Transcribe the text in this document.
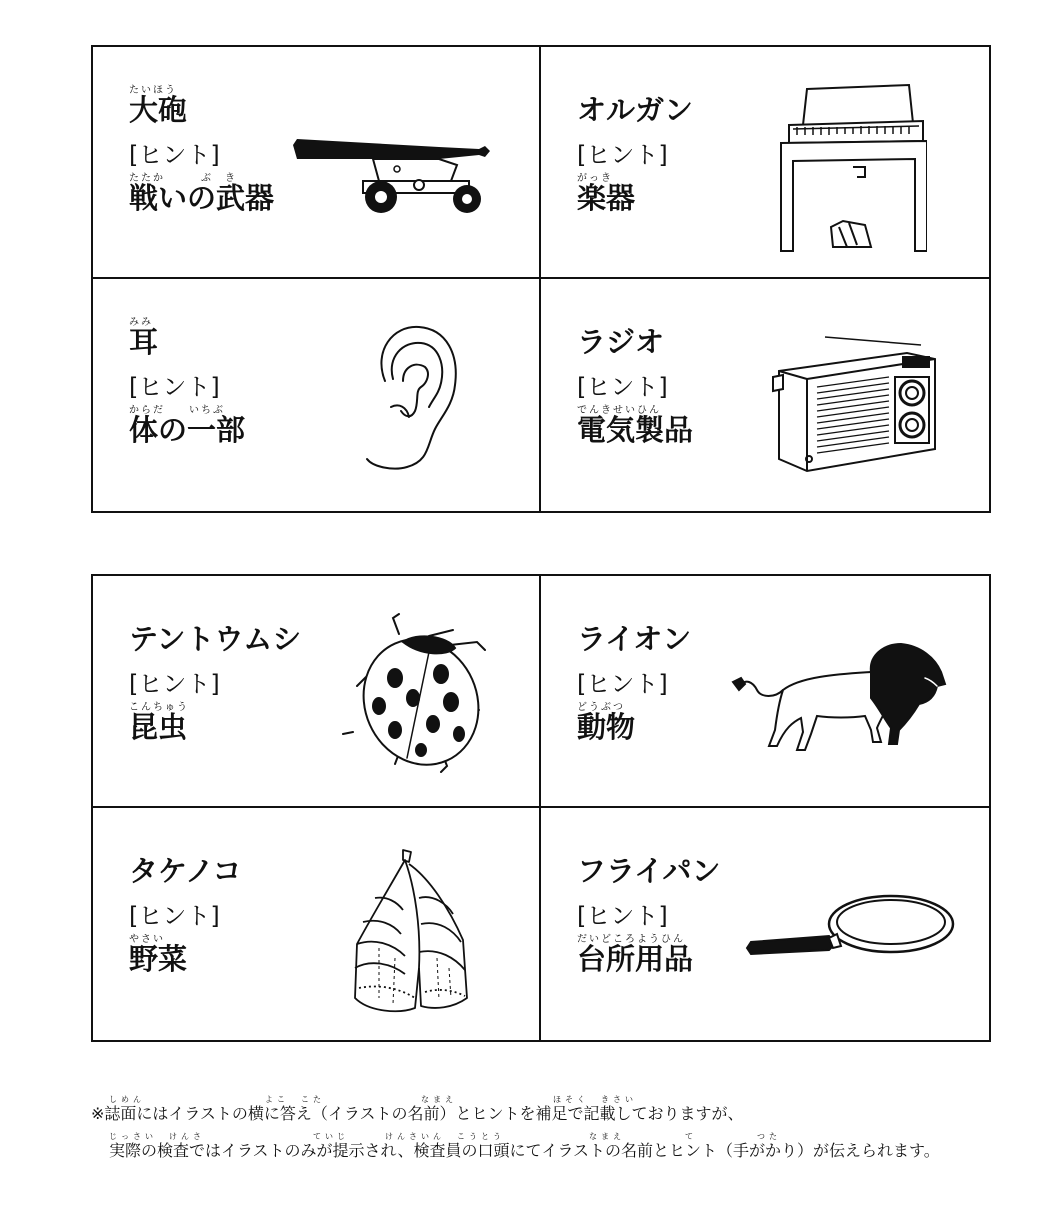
たいほう
大砲
[ヒント]
たたか　　　ぶ　き
戦いの武器
オルガン
[ヒント]
がっき
楽器
みみ
耳
[ヒント]
からだ　　いちぶ
体の一部
ラジオ
[ヒント]
でんきせいひん
電気製品
テントウムシ
[ヒント]
こんちゅう
昆虫
ライオン
[ヒント]
どうぶつ
動物
タケノコ
[ヒント]
やさい
野菜
フライパン
[ヒント]
だいどころようひん
台所用品
しめん　　　　　　　　　　よこ　こた　　　　　　　　なまえ　　　　　　　　ほそく　きさい
※誌面にはイラストの横に答え（イラストの名前）とヒントを補足で記載しておりますが、
じっさい　けんさ　　　　　　　　　ていじ　　　けんさいん　こうとう　　　　　　　なまえ　　　　　て　　　　　つた
実際の検査ではイラストのみが提示され、検査員の口頭にてイラストの名前とヒント（手がかり）が伝えられます。
